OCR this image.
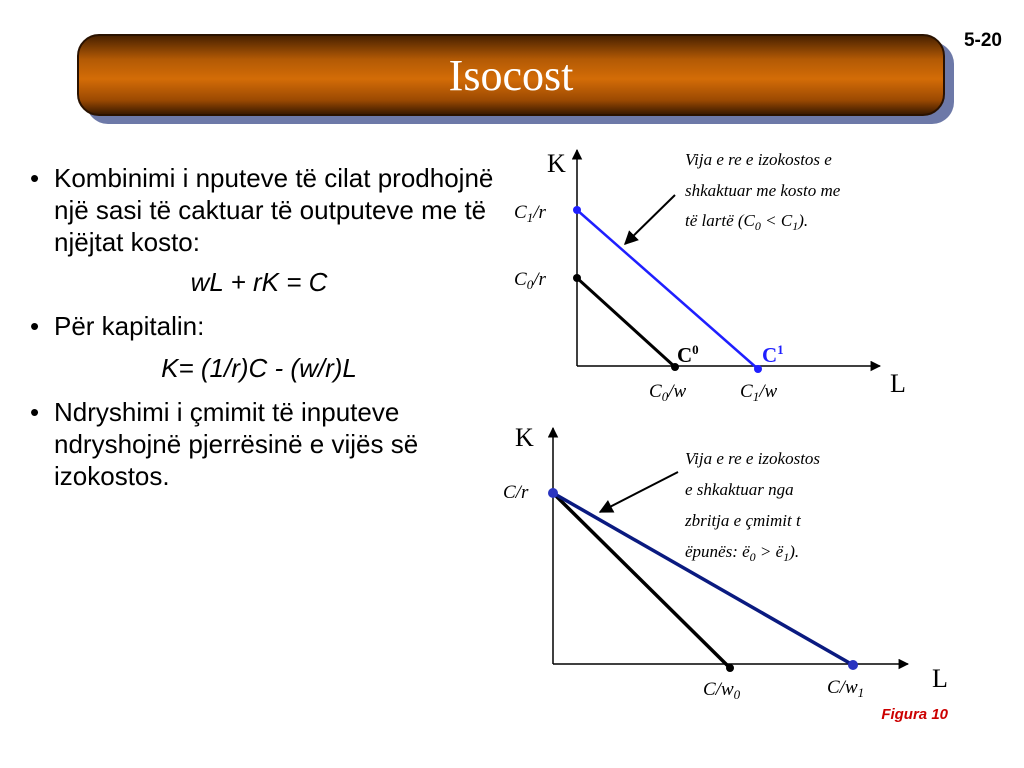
5-20
Isocost
• Kombinimi i nputeve të cilat prodhojnë një sasi të caktuar të outputeve me të njëjtat kosto:
wL + rK = C
• Për kapitalin:
K= (1/r)C - (w/r)L
• Ndryshimi i çmimit të inputeve ndryshojnë pjerrësinë e vijës së izokostos.
K
L
$C_1/r$
$C_0/r$
$C_0/w$	$C_1/w$
$C^0$	$C^1$
Vija e re e izokostos e
shkaktuar me kosto me
të lartë $(C_0 < C_1)$.
K
L
C/r
$C/w_0$	$C/w_1$
Vija e re e izokostos
e shkaktuar nga
zbritja e çmimit t
ëpunës: $ë_0$ > $ë_1$).
Figura 10
